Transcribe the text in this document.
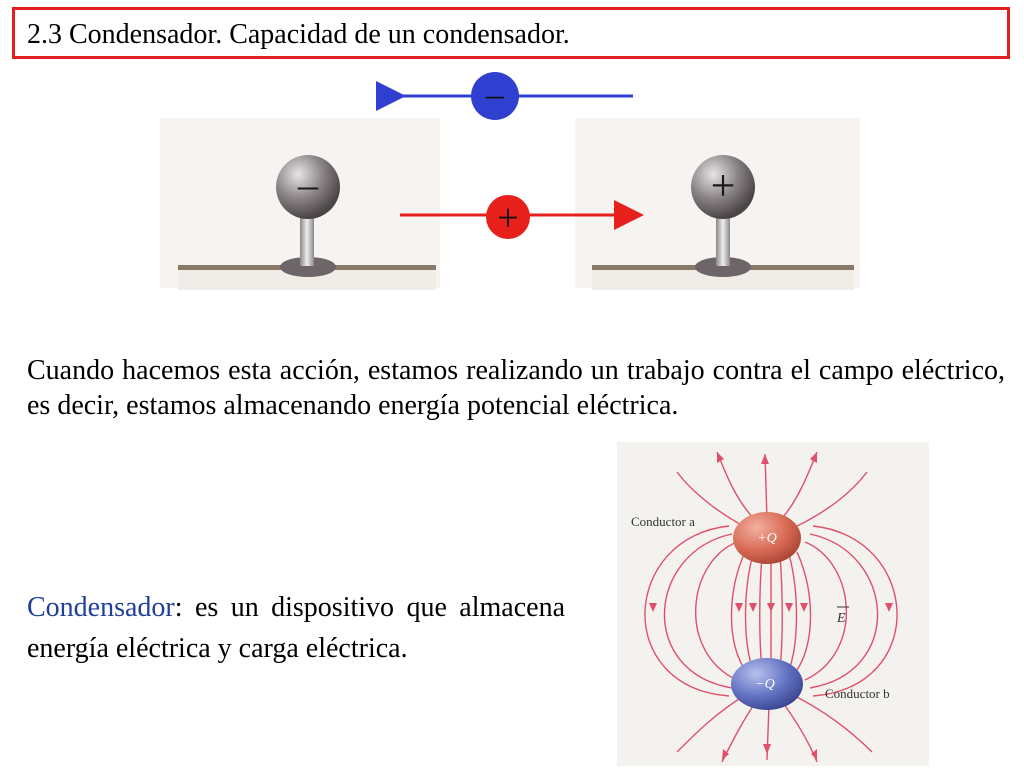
2.3 Condensador. Capacidad de un condensador.
–	+
–
+
Cuando hacemos esta acción, estamos realizando un trabajo contra el campo eléctrico, es decir, estamos almacenando energía potencial eléctrica.
+Q
−Q
Conductor a
Conductor b
E
Condensador: es un dispositivo que almacena energía eléctrica y carga eléctrica.
